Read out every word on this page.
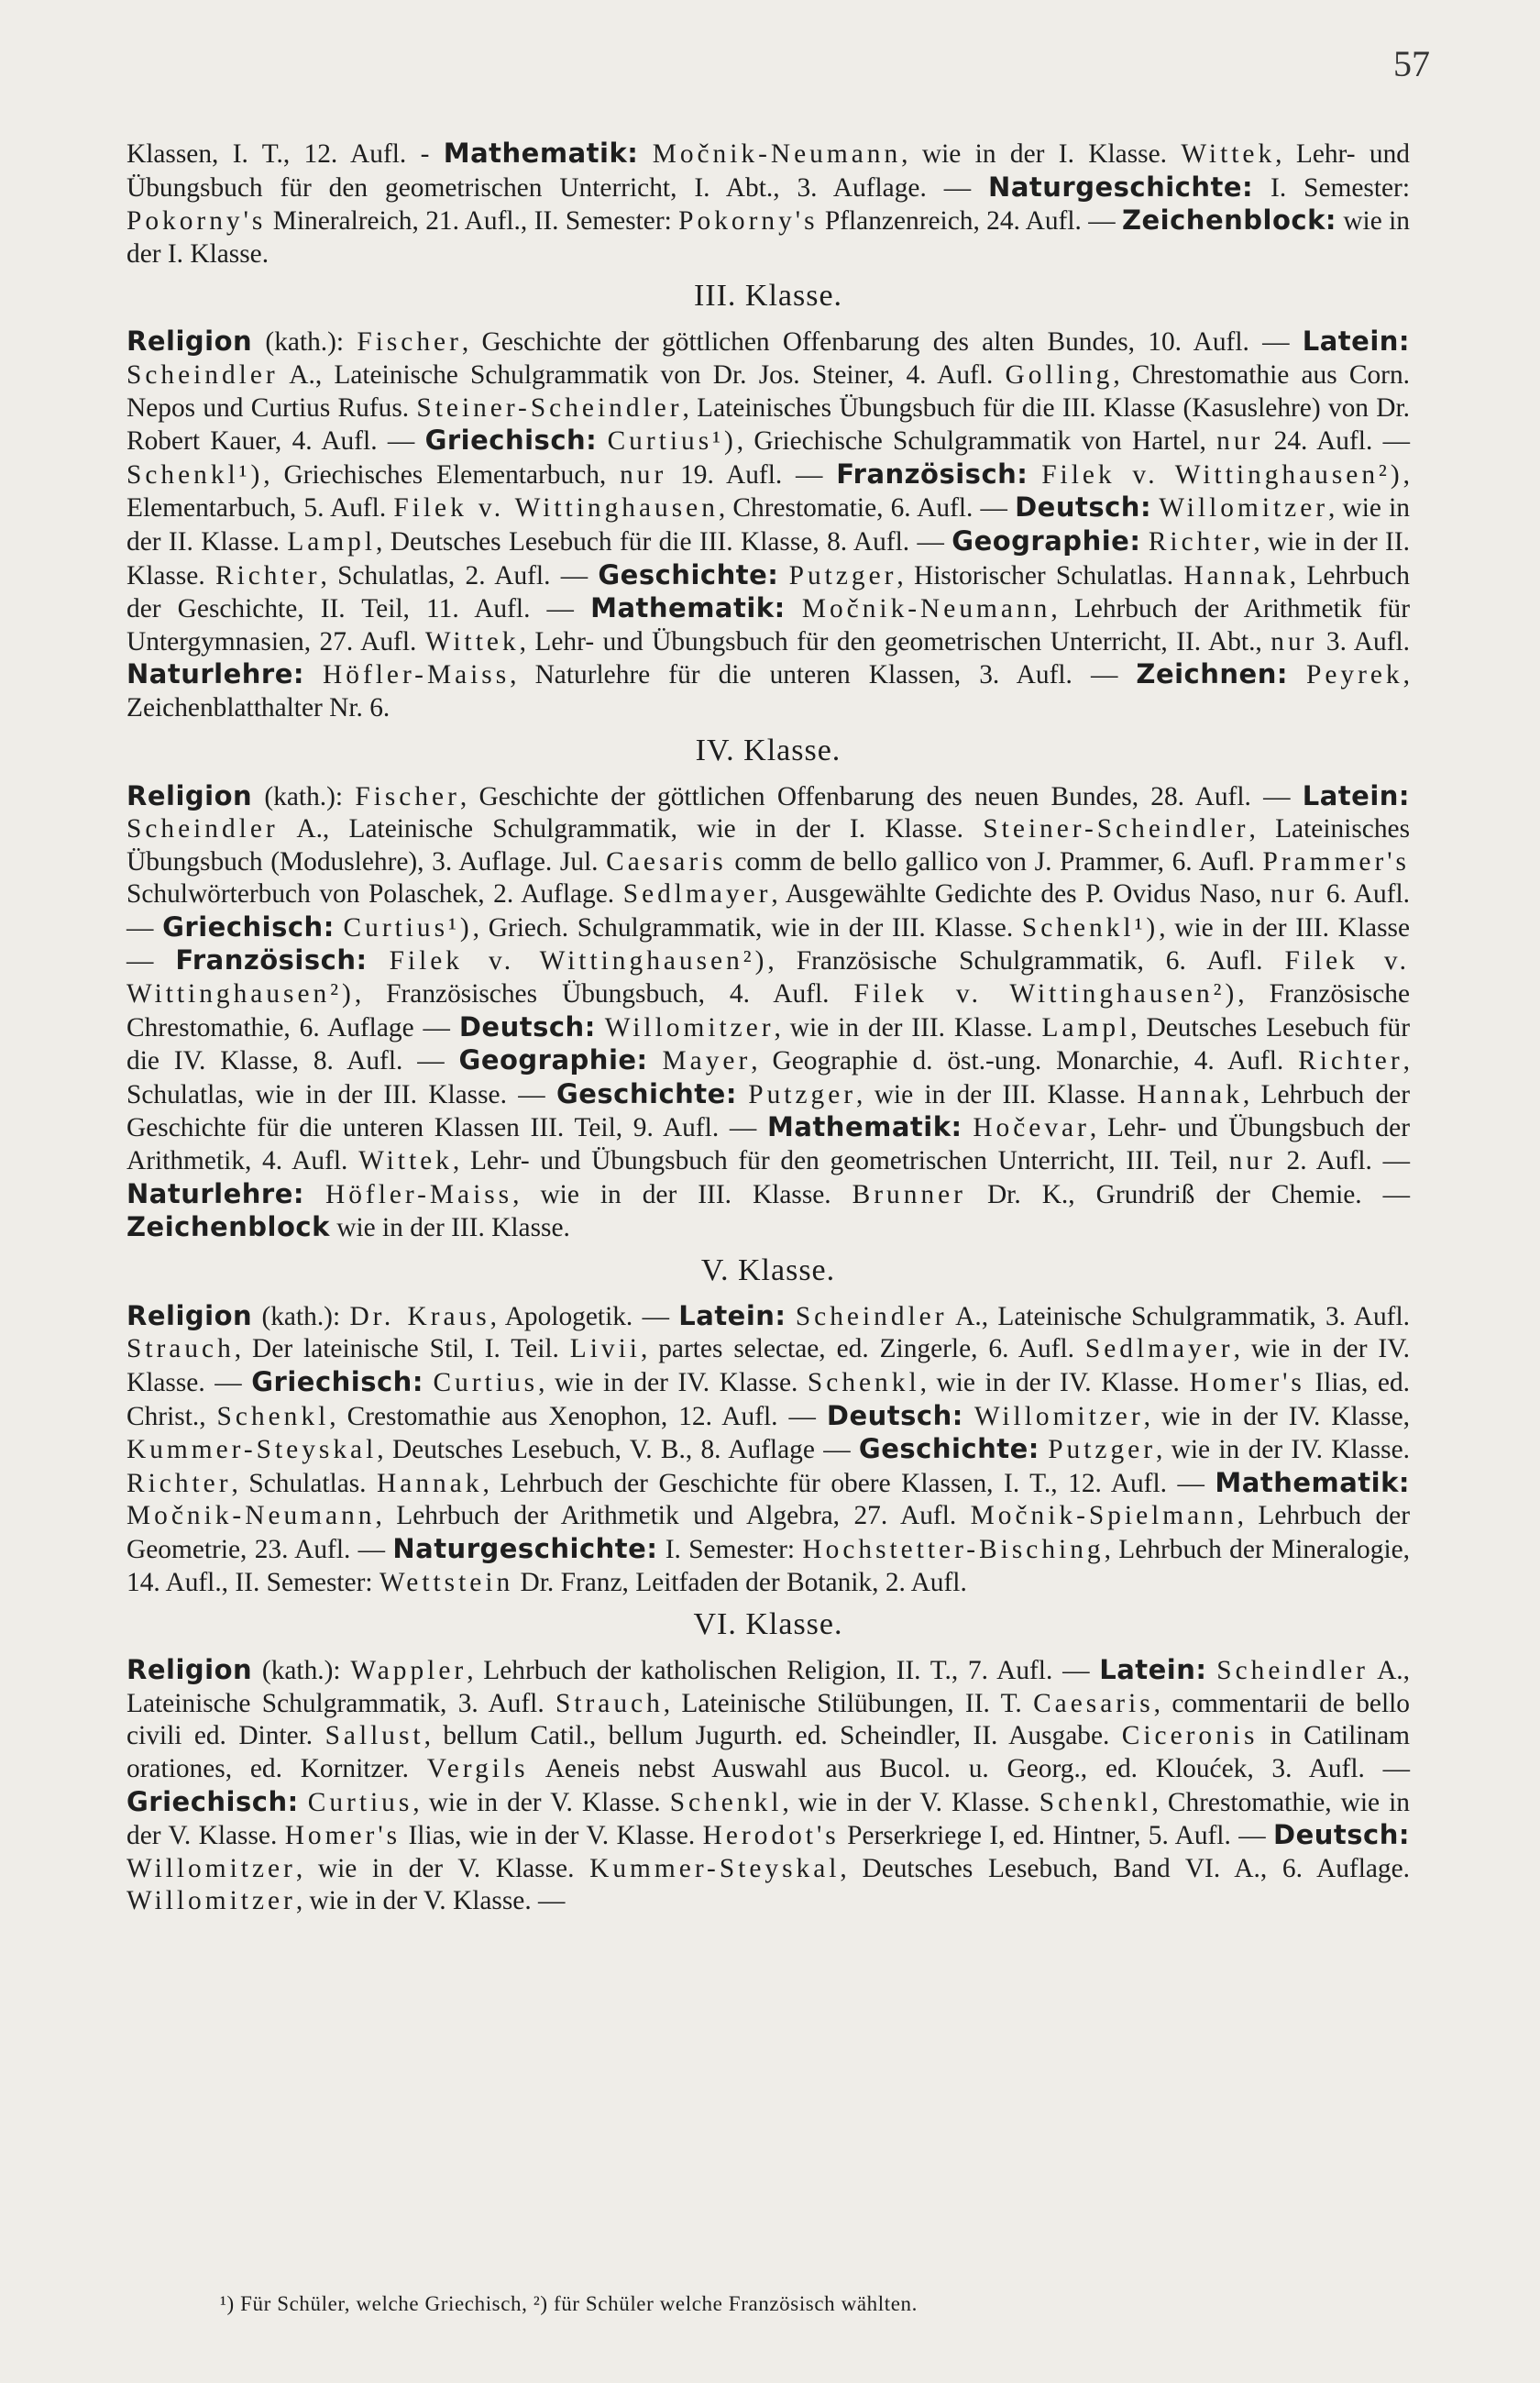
57
Klassen, I. T., 12. Aufl. - Mathematik: Močnik-Neumann, wie in der I. Klasse. Wittek, Lehr- und Übungsbuch für den geometrischen Unterricht, I. Abt., 3. Auflage. — Naturgeschichte: I. Semester: Pokorny's Mineralreich, 21. Aufl., II. Semester: Pokorny's Pflanzenreich, 24. Aufl. — Zeichenblock: wie in der I. Klasse.
III. Klasse.
Religion (kath.): Fischer, Geschichte der göttlichen Offenbarung des alten Bundes, 10. Aufl. — Latein: Scheindler A., Lateinische Schulgrammatik von Dr. Jos. Steiner, 4. Aufl. Golling, Chrestomathie aus Corn. Nepos und Curtius Rufus. Steiner-Scheindler, Lateinisches Übungsbuch für die III. Klasse (Kasuslehre) von Dr. Robert Kauer, 4. Aufl. — Griechisch: Curtius¹), Griechische Schulgrammatik von Hartel, nur 24. Aufl. — Schenkl¹), Griechisches Elementarbuch, nur 19. Aufl. — Französisch: Filek v. Wittinghausen²), Elementarbuch, 5. Aufl. Filek v. Wittinghausen, Chrestomatie, 6. Aufl. — Deutsch: Willomitzer, wie in der II. Klasse. Lampl, Deutsches Lesebuch für die III. Klasse, 8. Aufl. — Geographie: Richter, wie in der II. Klasse. Richter, Schulatlas, 2. Aufl. — Geschichte: Putzger, Historischer Schulatlas. Hannak, Lehrbuch der Geschichte, II. Teil, 11. Aufl. — Mathematik: Močnik-Neumann, Lehrbuch der Arithmetik für Untergymnasien, 27. Aufl. Wittek, Lehr- und Übungsbuch für den geometrischen Unterricht, II. Abt., nur 3. Aufl. Naturlehre: Höfler-Maiss, Naturlehre für die unteren Klassen, 3. Aufl. — Zeichnen: Peyrek, Zeichenblatthalter Nr. 6.
IV. Klasse.
Religion (kath.): Fischer, Geschichte der göttlichen Offenbarung des neuen Bundes, 28. Aufl. — Latein: Scheindler A., Lateinische Schulgrammatik, wie in der I. Klasse. Steiner-Scheindler, Lateinisches Übungsbuch (Moduslehre), 3. Auflage. Jul. Caesaris comm de bello gallico von J. Prammer, 6. Aufl. Prammer's Schulwörterbuch von Polaschek, 2. Auflage. Sedlmayer, Ausgewählte Gedichte des P. Ovidus Naso, nur 6. Aufl. — Griechisch: Curtius¹), Griech. Schulgrammatik, wie in der III. Klasse. Schenkl¹), wie in der III. Klasse — Französisch: Filek v. Wittinghausen²), Französische Schulgrammatik, 6. Aufl. Filek v. Wittinghausen²), Französisches Übungsbuch, 4. Aufl. Filek v. Wittinghausen²), Französische Chrestomathie, 6. Auflage — Deutsch: Willomitzer, wie in der III. Klasse. Lampl, Deutsches Lesebuch für die IV. Klasse, 8. Aufl. — Geographie: Mayer, Geographie d. öst.-ung. Monarchie, 4. Aufl. Richter, Schulatlas, wie in der III. Klasse. — Geschichte: Putzger, wie in der III. Klasse. Hannak, Lehrbuch der Geschichte für die unteren Klassen III. Teil, 9. Aufl. — Mathematik: Hočevar, Lehr- und Übungsbuch der Arithmetik, 4. Aufl. Wittek, Lehr- und Übungsbuch für den geometrischen Unterricht, III. Teil, nur 2. Aufl. — Naturlehre: Höfler-Maiss, wie in der III. Klasse. Brunner Dr. K., Grundriß der Chemie. — Zeichenblock wie in der III. Klasse.
V. Klasse.
Religion (kath.): Dr. Kraus, Apologetik. — Latein: Scheindler A., Lateinische Schulgrammatik, 3. Aufl. Strauch, Der lateinische Stil, I. Teil. Livii, partes selectae, ed. Zingerle, 6. Aufl. Sedlmayer, wie in der IV. Klasse. — Griechisch: Curtius, wie in der IV. Klasse. Schenkl, wie in der IV. Klasse. Homer's Ilias, ed. Christ., Schenkl, Crestomathie aus Xenophon, 12. Aufl. — Deutsch: Willomitzer, wie in der IV. Klasse, Kummer-Steyskal, Deutsches Lesebuch, V. B., 8. Auflage — Geschichte: Putzger, wie in der IV. Klasse. Richter, Schulatlas. Hannak, Lehrbuch der Geschichte für obere Klassen, I. T., 12. Aufl. — Mathematik: Močnik-Neumann, Lehrbuch der Arithmetik und Algebra, 27. Aufl. Močnik-Spielmann, Lehrbuch der Geometrie, 23. Aufl. — Naturgeschichte: I. Semester: Hochstetter-Bisching, Lehrbuch der Mineralogie, 14. Aufl., II. Semester: Wettstein Dr. Franz, Leitfaden der Botanik, 2. Aufl.
VI. Klasse.
Religion (kath.): Wappler, Lehrbuch der katholischen Religion, II. T., 7. Aufl. — Latein: Scheindler A., Lateinische Schulgrammatik, 3. Aufl. Strauch, Lateinische Stilübungen, II. T. Caesaris, commentarii de bello civili ed. Dinter. Sallust, bellum Catil., bellum Jugurth. ed. Scheindler, II. Ausgabe. Ciceronis in Catilinam orationes, ed. Kornitzer. Vergils Aeneis nebst Auswahl aus Bucol. u. Georg., ed. Kloućek, 3. Aufl. — Griechisch: Curtius, wie in der V. Klasse. Schenkl, wie in der V. Klasse. Schenkl, Chrestomathie, wie in der V. Klasse. Homer's Ilias, wie in der V. Klasse. Herodot's Perserkriege I, ed. Hintner, 5. Aufl. — Deutsch: Willomitzer, wie in der V. Klasse. Kummer-Steyskal, Deutsches Lesebuch, Band VI. A., 6. Auflage. Willomitzer, wie in der V. Klasse. —
¹) Für Schüler, welche Griechisch, ²) für Schüler welche Französisch wählten.
